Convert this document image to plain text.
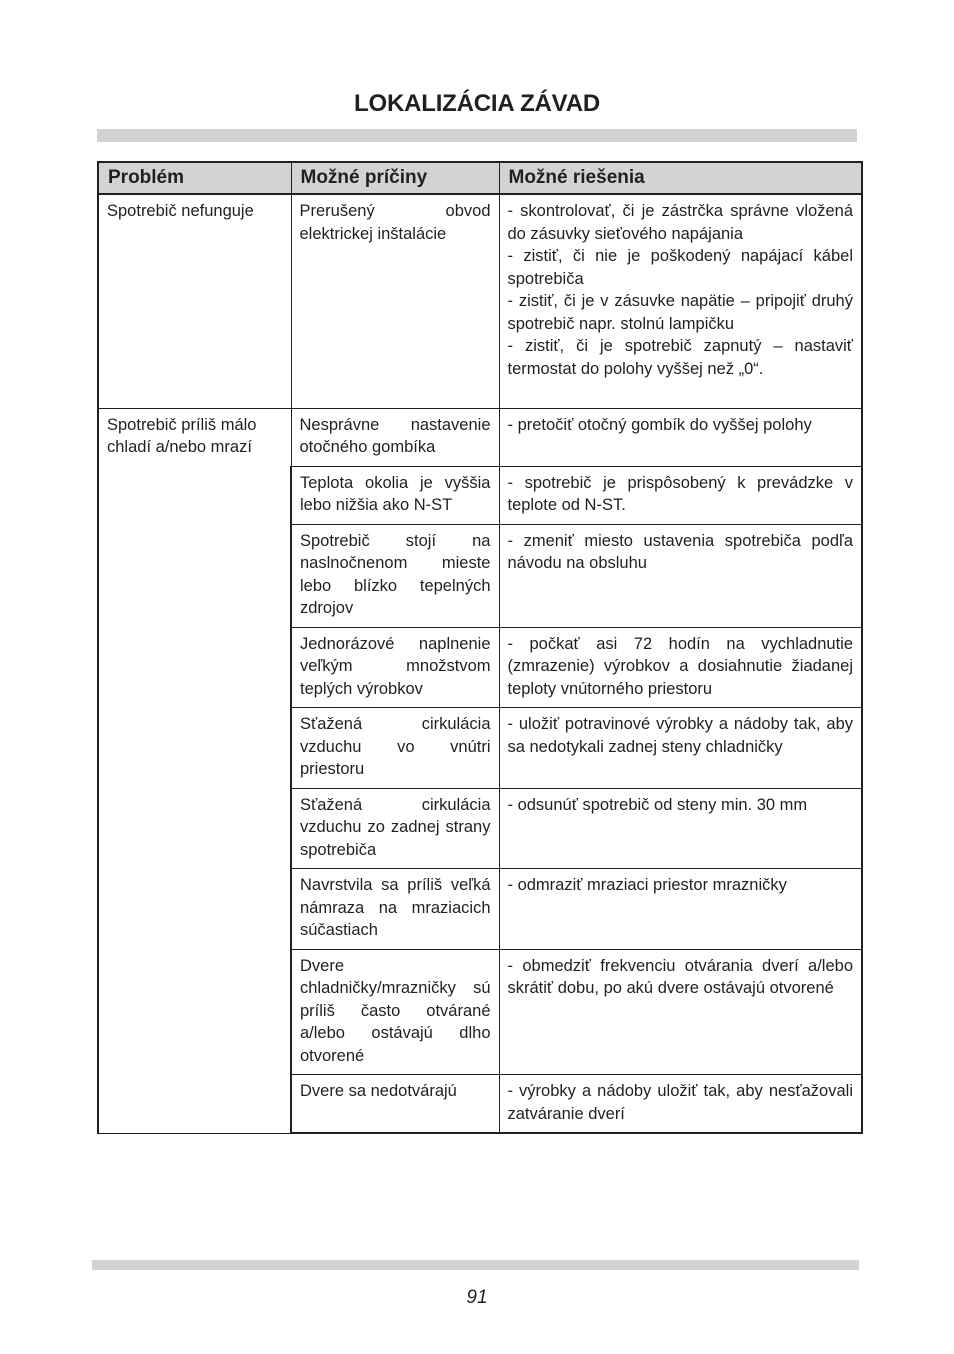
LOKALIZÁCIA ZÁVAD
Problém	Možné príčiny	Možné riešenia
Spotrebič nefunguje	Prerušený obvod elektrickej inštalácie	- skontrolovať, či je zástrčka správne vložená do zásuvky sieťového napájania
- zistiť, či nie je poškodený napájací kábel spotrebiča
- zistiť, či je v zásuvke napätie – pripojiť druhý spotrebič napr. stolnú lampičku
- zistiť, či je spotrebič zapnutý – nastaviť termostat do polohy vyššej než „0“.

Spotrebič príliš málo chladí a/nebo mrazí	Nesprávne nastavenie otočného gombíka	- pretočiť otočný gombík do vyššej polohy
	Teplota okolia je vyššia lebo nižšia ako N-ST	- spotrebič je prispôsobený k prevádzke v teplote od N-ST.
	Spotrebič stojí na naslnočnenom mieste lebo blízko tepelných zdrojov	- zmeniť miesto ustavenia spotrebiča podľa návodu na obsluhu
	Jednorázové naplnenie veľkým množstvom teplých výrobkov	- počkať asi 72 hodín na vychladnutie (zmrazenie) výrobkov a dosiahnutie žiadanej teploty vnútorného priestoru
	Sťažená cirkulácia vzduchu vo vnútri priestoru	- uložiť potravinové výrobky a nádoby tak, aby sa nedotykali zadnej steny chladničky
	Sťažená cirkulácia vzduchu zo zadnej strany spotrebiča	- odsunúť spotrebič od steny min. 30 mm
	Navrstvila sa príliš veľká námraza na mraziacich súčastiach	- odmraziť mraziaci priestor mrazničky
	Dvere chladničky/mrazničky sú príliš často otvárané a/lebo ostávajú dlho otvorené	- obmedziť frekvenciu otvárania dverí a/lebo skrátiť dobu, po akú dvere ostávajú otvorené
	Dvere sa nedotvárajú	- výrobky a nádoby uložiť tak, aby nesťažovali zatváranie dverí
91
